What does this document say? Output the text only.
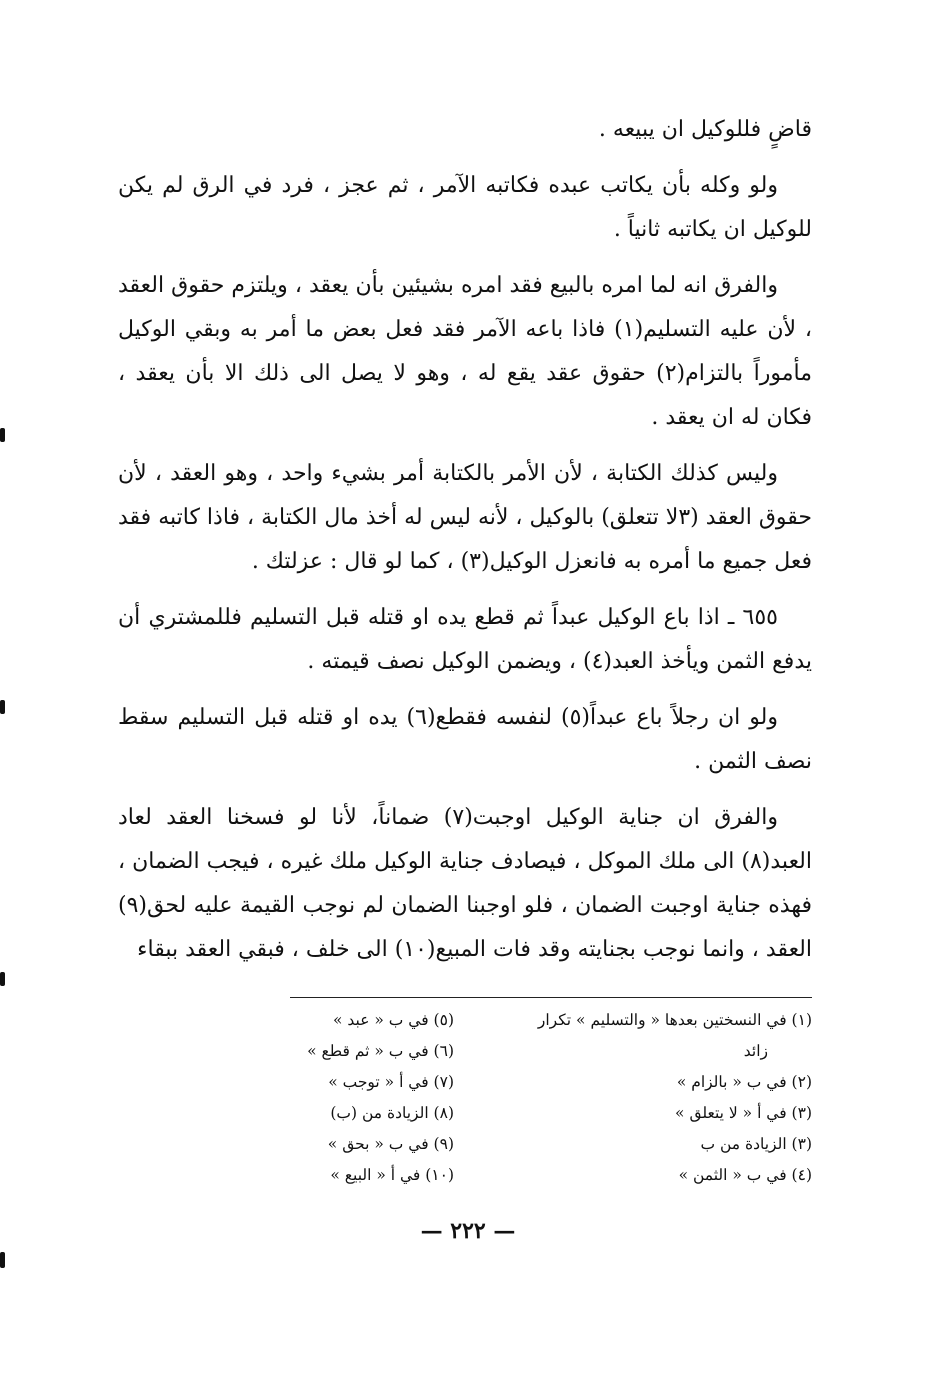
قاضٍ فللوكيل ان يبيعه .

ولو وكله بأن يكاتب عبده فكاتبه الآمر ، ثم عجز ، فرد في الرق لم يكن للوكيل ان يكاتبه ثانياً .

والفرق انه لما امره بالبيع فقد امره بشيئين بأن يعقد ، ويلتزم حقوق العقد ، لأن عليه التسليم(١) فاذا باعه الآمر فقد فعل بعض ما أمر به وبقي الوكيل مأموراً بالتزام(٢) حقوق عقد يقع له ، وهو لا يصل الى ذلك الا بأن يعقد ، فكان له ان يعقد .

وليس كذلك الكتابة ، لأن الأمر بالكتابة أمر بشيء واحد ، وهو العقد ، لأن حقوق العقد (٣لا تتعلق) بالوكيل ، لأنه ليس له أخذ مال الكتابة ، فاذا كاتبه فقد فعل جميع ما أمره به فانعزل الوكيل(٣) ، كما لو قال : عزلتك .

٦٥٥ ـ اذا باع الوكيل عبداً ثم قطع يده او قتله قبل التسليم فللمشتري أن يدفع الثمن ويأخذ العبد(٤) ، ويضمن الوكيل نصف قيمته .

ولو ان رجلاً باع عبداً(٥) لنفسه فقطع(٦) يده او قتله قبل التسليم سقط نصف الثمن .

والفرق ان جناية الوكيل اوجبت(٧) ضماناً، لأنا لو فسخنا العقد لعاد العبد(٨) الى ملك الموكل ، فيصادف جناية الوكيل ملك غيره ، فيجب الضمان ، فهذه جناية اوجبت الضمان ، فلو اوجبنا الضمان لم نوجب القيمة عليه لحق(٩) العقد ، وانما نوجب بجنايته وقد فات المبيع(١٠) الى خلف ، فبقي العقد ببقاء

(١) في النسختين بعدها « والتسليم » تكرار
زائد
(٢) في ب « بالزام »
(٣) في أ « لا يتعلق »
(٣) الزيادة من ب
(٤) في ب « الثمن »
(٥) في ب « عبد »
(٦) في ب « ثم قطع »
(٧) في أ « توجب »
(٨) الزيادة من (ب)
(٩) في ب « بحق »
(١٠) في أ « البيع »
— ٢٢٢ —
